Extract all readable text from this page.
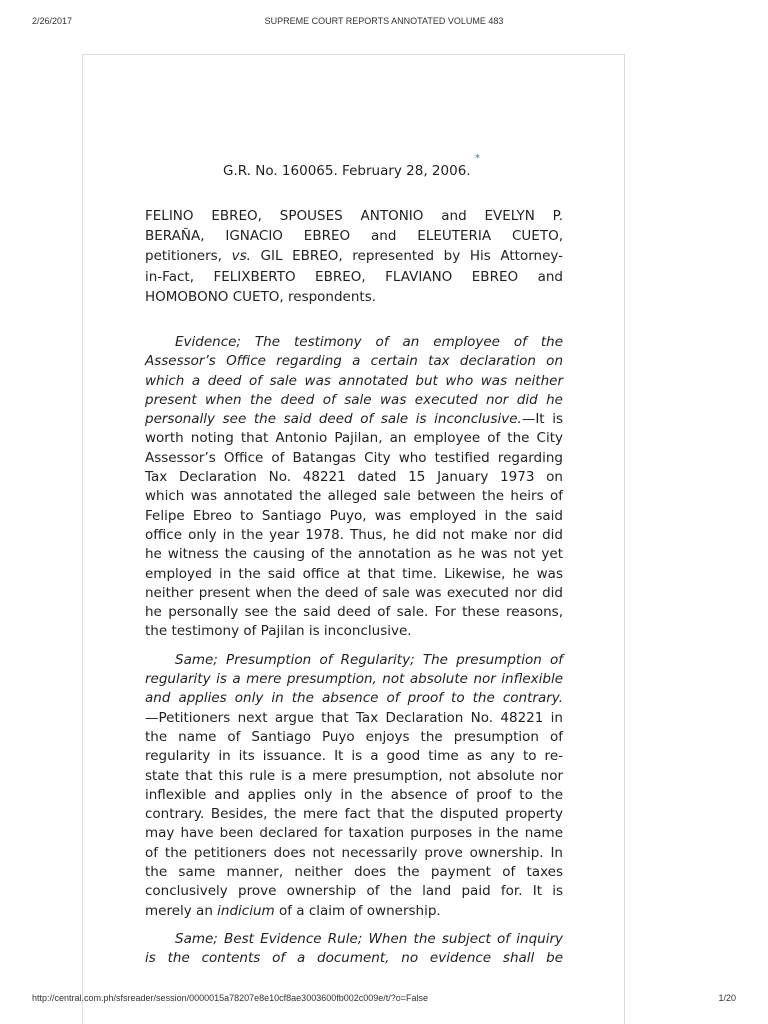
2/26/2017	SUPREME COURT REPORTS ANNOTATED VOLUME 483
G.R. No. 160065. February 28, 2006.
*
FELINO EBREO, SPOUSES ANTONIO and EVELYN P.
BERAÑA, IGNACIO EBREO and ELEUTERIA CUETO,
petitioners, vs. GIL EBREO, represented by His Attorney-
in-Fact, FELIXBERTO EBREO, FLAVIANO EBREO and
HOMOBONO CUETO, respondents.
Evidence; The testimony of an employee of the
Assessor’s Office regarding a certain tax declaration on
which a deed of sale was annotated but who was neither
present when the deed of sale was executed nor did he
personally see the said deed of sale is inconclusive.—It is
worth noting that Antonio Pajilan, an employee of the City
Assessor’s Office of Batangas City who testified regarding
Tax Declaration No. 48221 dated 15 January 1973 on
which was annotated the alleged sale between the heirs of
Felipe Ebreo to Santiago Puyo, was employed in the said
office only in the year 1978. Thus, he did not make nor did
he witness the causing of the annotation as he was not yet
employed in the said office at that time. Likewise, he was
neither present when the deed of sale was executed nor did
he personally see the said deed of sale. For these reasons,
the testimony of Pajilan is inconclusive.
Same; Presumption of Regularity; The presumption of
regularity is a mere presumption, not absolute nor inflexible
and applies only in the absence of proof to the contrary.
—Petitioners next argue that Tax Declaration No. 48221 in
the name of Santiago Puyo enjoys the presumption of
regularity in its issuance. It is a good time as any to re-
state that this rule is a mere presumption, not absolute nor
inflexible and applies only in the absence of proof to the
contrary. Besides, the mere fact that the disputed property
may have been declared for taxation purposes in the name
of the petitioners does not necessarily prove ownership. In
the same manner, neither does the payment of taxes
conclusively prove ownership of the land paid for. It is
merely an indicium of a claim of ownership.
Same; Best Evidence Rule; When the subject of inquiry
is the contents of a document, no evidence shall be
http://central.com.ph/sfsreader/session/0000015a78207e8e10cf8ae3003600fb002c009e/t/?o=False	1/20
